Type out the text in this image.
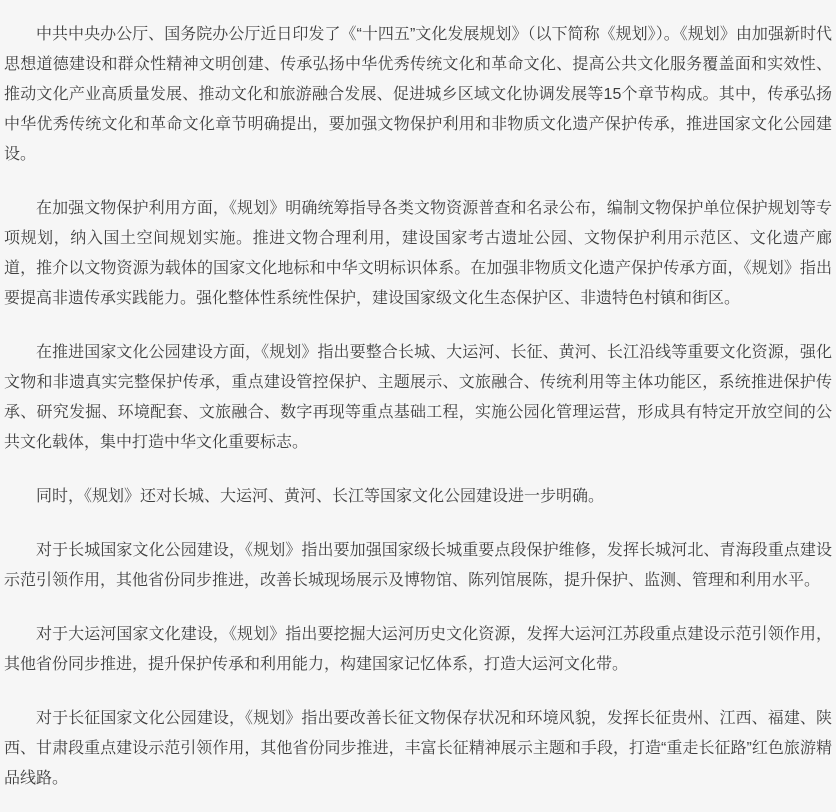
中共中央办公厅、国务院办公厅近日印发了《“十四五”文化发展规划》（以下简称《规划》）。《规划》由加强新时代思想道德建设和群众性精神文明创建、传承弘扬中华优秀传统文化和革命文化、提高公共文化服务覆盖面和实效性、推动文化产业高质量发展、推动文化和旅游融合发展、促进城乡区域文化协调发展等15个章节构成。其中，传承弘扬中华优秀传统文化和革命文化章节明确提出，要加强文物保护利用和非物质文化遗产保护传承，推进国家文化公园建设。

在加强文物保护利用方面，《规划》明确统筹指导各类文物资源普查和名录公布，编制文物保护单位保护规划等专项规划，纳入国土空间规划实施。推进文物合理利用，建设国家考古遗址公园、文物保护利用示范区、文化遗产廊道，推介以文物资源为载体的国家文化地标和中华文明标识体系。在加强非物质文化遗产保护传承方面，《规划》指出要提高非遗传承实践能力。强化整体性系统性保护，建设国家级文化生态保护区、非遗特色村镇和街区。

在推进国家文化公园建设方面，《规划》指出要整合长城、大运河、长征、黄河、长江沿线等重要文化资源，强化文物和非遗真实完整保护传承，重点建设管控保护、主题展示、文旅融合、传统利用等主体功能区，系统推进保护传承、研究发掘、环境配套、文旅融合、数字再现等重点基础工程，实施公园化管理运营，形成具有特定开放空间的公共文化载体，集中打造中华文化重要标志。

同时，《规划》还对长城、大运河、黄河、长江等国家文化公园建设进一步明确。

对于长城国家文化公园建设，《规划》指出要加强国家级长城重要点段保护维修，发挥长城河北、青海段重点建设示范引领作用，其他省份同步推进，改善长城现场展示及博物馆、陈列馆展陈，提升保护、监测、管理和利用水平。

对于大运河国家文化建设，《规划》指出要挖掘大运河历史文化资源，发挥大运河江苏段重点建设示范引领作用，其他省份同步推进，提升保护传承和利用能力，构建国家记忆体系，打造大运河文化带。

对于长征国家文化公园建设，《规划》指出要改善长征文物保存状况和环境风貌，发挥长征贵州、江西、福建、陕西、甘肃段重点建设示范引领作用，其他省份同步推进，丰富长征精神展示主题和手段，打造“重走长征路”红色旅游精品线路。
